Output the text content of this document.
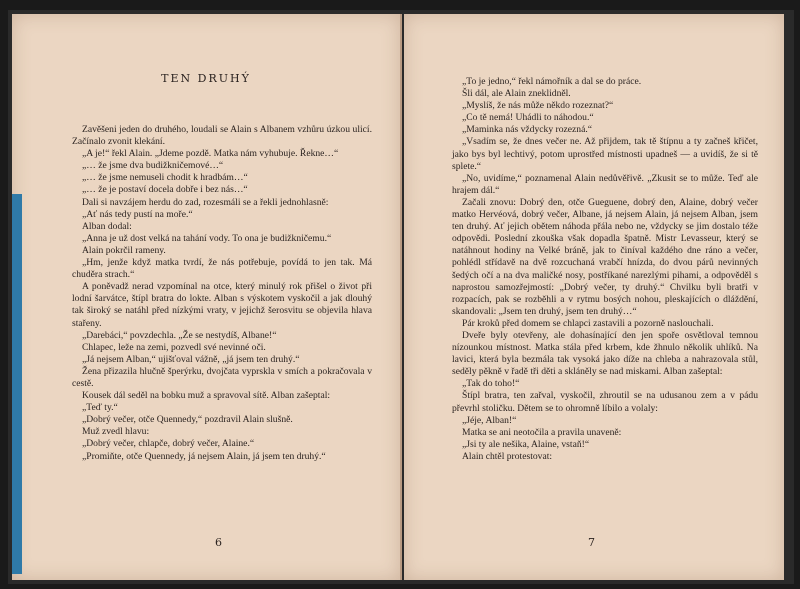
TEN DRUHÝ

Zavěšeni jeden do druhého, loudali se Alain s Albanem vzhůru úzkou ulicí. Začínalo zvonit klekání.

„A je!“ řekl Alain. „Jdeme pozdě. Matka nám vyhubuje. Řekne…“

„… že jsme dva budižkničemové…“

„… že jsme nemuseli chodit k hradbám…“

„… že je postaví docela dobře i bez nás…“

Dali si navzájem herdu do zad, rozesmáli se a řekli jednohlasně:

„Ať nás tedy pustí na moře.“

Alban dodal:

„Anna je už dost velká na tahání vody. To ona je budižkničemu.“

Alain pokrčil rameny.

„Hm, jenže když matka tvrdí, že nás potřebuje, povídá to jen tak. Má chuděra strach.“

A poněvadž nerad vzpomínal na otce, který minulý rok přišel o život při lodní šarvátce, štípl bratra do lokte. Alban s výskotem vyskočil a jak dlouhý tak široký se natáhl před nízkými vraty, v jejichž šerosvitu se objevila hlava stařeny.

„Darebáci,“ povzdechla. „Že se nestydíš, Albane!“

Chlapec, leže na zemi, pozvedl své nevinné oči.

„Já nejsem Alban,“ ujišťoval vážně, „já jsem ten druhý.“

Žena přizazila hlučně šperýrku, dvojčata vyprskla v smích a pokračovala v cestě.

Kousek dál seděl na bobku muž a spravoval sítě. Alban zašeptal:

„Teď ty.“

„Dobrý večer, otče Quennedy,“ pozdravil Alain slušně.

Muž zvedl hlavu:

„Dobrý večer, chlapče, dobrý večer, Alaine.“

„Promiňte, otče Quennedy, já nejsem Alain, já jsem ten druhý.“

6

„To je jedno,“ řekl námořník a dal se do práce.

Šli dál, ale Alain zneklidněl.

„Myslíš, že nás může někdo rozeznat?“

„Co tě nemá! Uhádli to náhodou.“

„Maminka nás vždycky rozezná.“

„Vsadím se, že dnes večer ne. Až přijdem, tak tě štípnu a ty začneš křičet, jako bys byl lechtivý, potom uprostřed místnosti upadneš — a uvidíš, že si tě splete.“

„No, uvidíme,“ poznamenal Alain nedůvěřivě. „Zkusit se to může. Teď ale hrajem dál.“

Začali znovu: Dobrý den, otče Gueguene, dobrý den, Alaine, dobrý večer matko Hervéová, dobrý večer, Albane, já nejsem Alain, já nejsem Alban, jsem ten druhý. Ať jejich obětem náhoda přála nebo ne, vždycky se jim dostalo téže odpovědi. Poslední zkouška však dopadla špatně. Mistr Levasseur, který se natáhnout hodiny na Velké bráně, jak to činíval každého dne ráno a večer, pohlédl střídavě na dvě rozcuchaná vrabčí hnízda, do dvou párů nevinných šedých očí a na dva maličké nosy, postříkané narezlými pihami, a odpověděl s naprostou samozřejmostí: „Dobrý večer, ty druhý.“ Chvilku byli bratři v rozpacích, pak se rozběhli a v rytmu bosých nohou, pleskajících o dláždění, skandovali: „Jsem ten druhý, jsem ten druhý…“

Pár kroků před domem se chlapci zastavili a pozorně naslouchali.

Dveře byly otevřeny, ale dohasínající den jen spoře osvětloval temnou nízounkou místnost. Matka stála před krbem, kde žhnulo několik uhlíků. Na lavici, která byla bezmála tak vysoká jako díže na chleba a nahrazovala stůl, seděly pěkně v řadě tři děti a skláněly se nad miskami. Alban zašeptal:

„Tak do toho!“

Štípl bratra, ten zařval, vyskočil, zhroutil se na udusanou zem a v pádu převrhl stoličku. Dětem se to ohromně líbilo a volaly:

„Jéje, Alban!“

Matka se ani neotočila a pravila unaveně:

„Jsi ty ale nešika, Alaine, vstaň!“

Alain chtěl protestovat:

7
